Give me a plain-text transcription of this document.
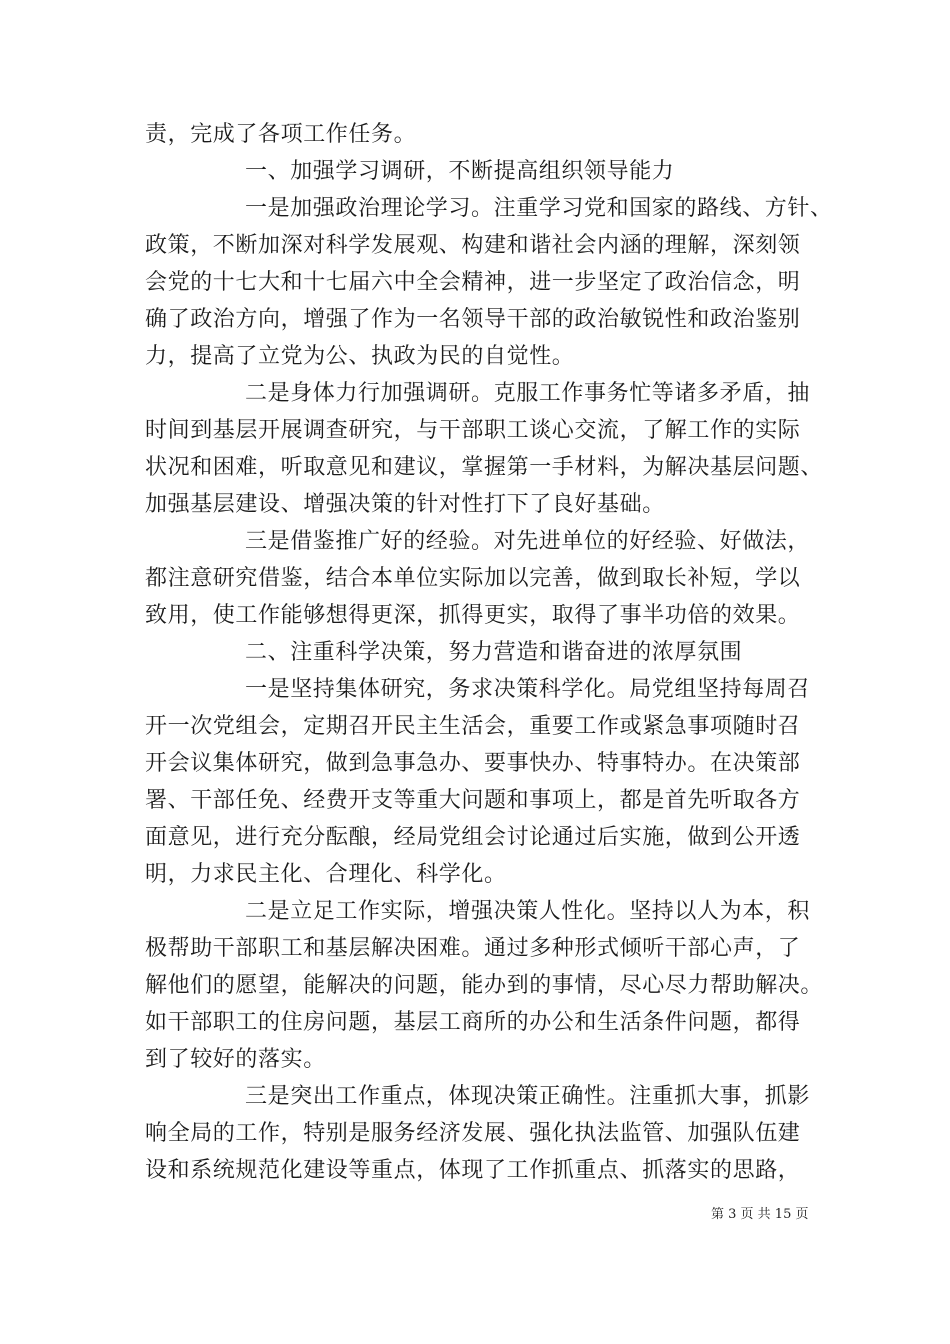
责，完成了各项工作任务。
一、加强学习调研，不断提高组织领导能力
一是加强政治理论学习。注重学习党和国家的路线、方针、
政策，不断加深对科学发展观、构建和谐社会内涵的理解，深刻领
会党的十七大和十七届六中全会精神，进一步坚定了政治信念，明
确了政治方向，增强了作为一名领导干部的政治敏锐性和政治鉴别
力，提高了立党为公、执政为民的自觉性。
二是身体力行加强调研。克服工作事务忙等诸多矛盾，抽
时间到基层开展调查研究，与干部职工谈心交流，了解工作的实际
状况和困难，听取意见和建议，掌握第一手材料，为解决基层问题、
加强基层建设、增强决策的针对性打下了良好基础。
三是借鉴推广好的经验。对先进单位的好经验、好做法，
都注意研究借鉴，结合本单位实际加以完善，做到取长补短，学以
致用，使工作能够想得更深，抓得更实，取得了事半功倍的效果。
二、注重科学决策，努力营造和谐奋进的浓厚氛围
一是坚持集体研究，务求决策科学化。局党组坚持每周召
开一次党组会，定期召开民主生活会，重要工作或紧急事项随时召
开会议集体研究，做到急事急办、要事快办、特事特办。在决策部
署、干部任免、经费开支等重大问题和事项上，都是首先听取各方
面意见，进行充分酝酿，经局党组会讨论通过后实施，做到公开透
明，力求民主化、合理化、科学化。
二是立足工作实际，增强决策人性化。坚持以人为本，积
极帮助干部职工和基层解决困难。通过多种形式倾听干部心声，了
解他们的愿望，能解决的问题，能办到的事情，尽心尽力帮助解决。
如干部职工的住房问题，基层工商所的办公和生活条件问题，都得
到了较好的落实。
三是突出工作重点，体现决策正确性。注重抓大事，抓影
响全局的工作，特别是服务经济发展、强化执法监管、加强队伍建
设和系统规范化建设等重点，体现了工作抓重点、抓落实的思路，
第 3 页 共 15 页
